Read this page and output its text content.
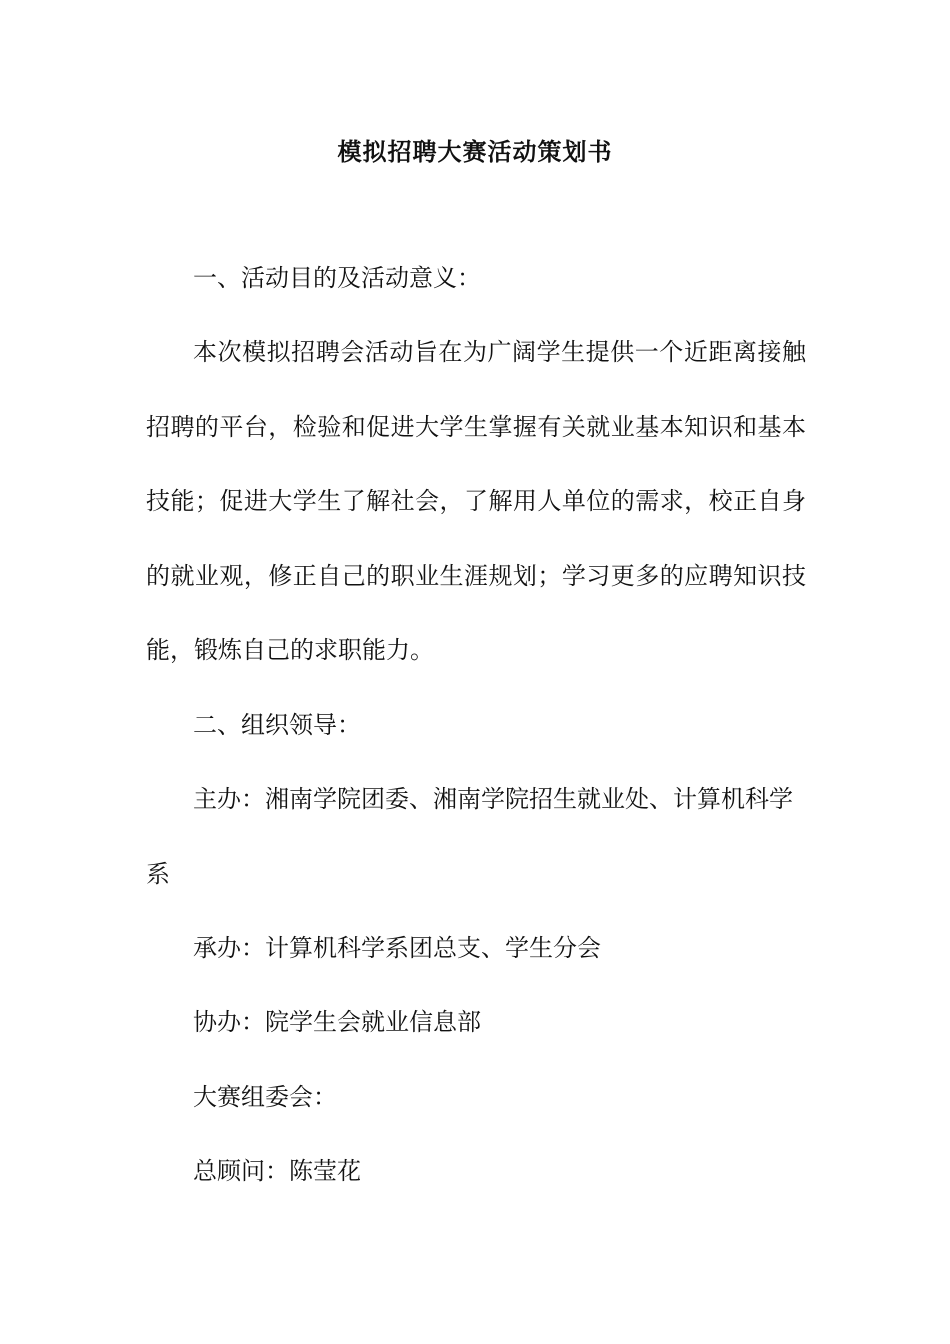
模拟招聘大赛活动策划书

一、活动目的及活动意义：

本次模拟招聘会活动旨在为广阔学生提供一个近距离接触招聘的平台，检验和促进大学生掌握有关就业基本知识和基本技能；促进大学生了解社会，了解用人单位的需求，校正自身的就业观，修正自己的职业生涯规划；学习更多的应聘知识技能，锻炼自己的求职能力。

二、组织领导：

主办：湘南学院团委、湘南学院招生就业处、计算机科学系

承办：计算机科学系团总支、学生分会

协办：院学生会就业信息部

大赛组委会：

总顾问：陈莹花
